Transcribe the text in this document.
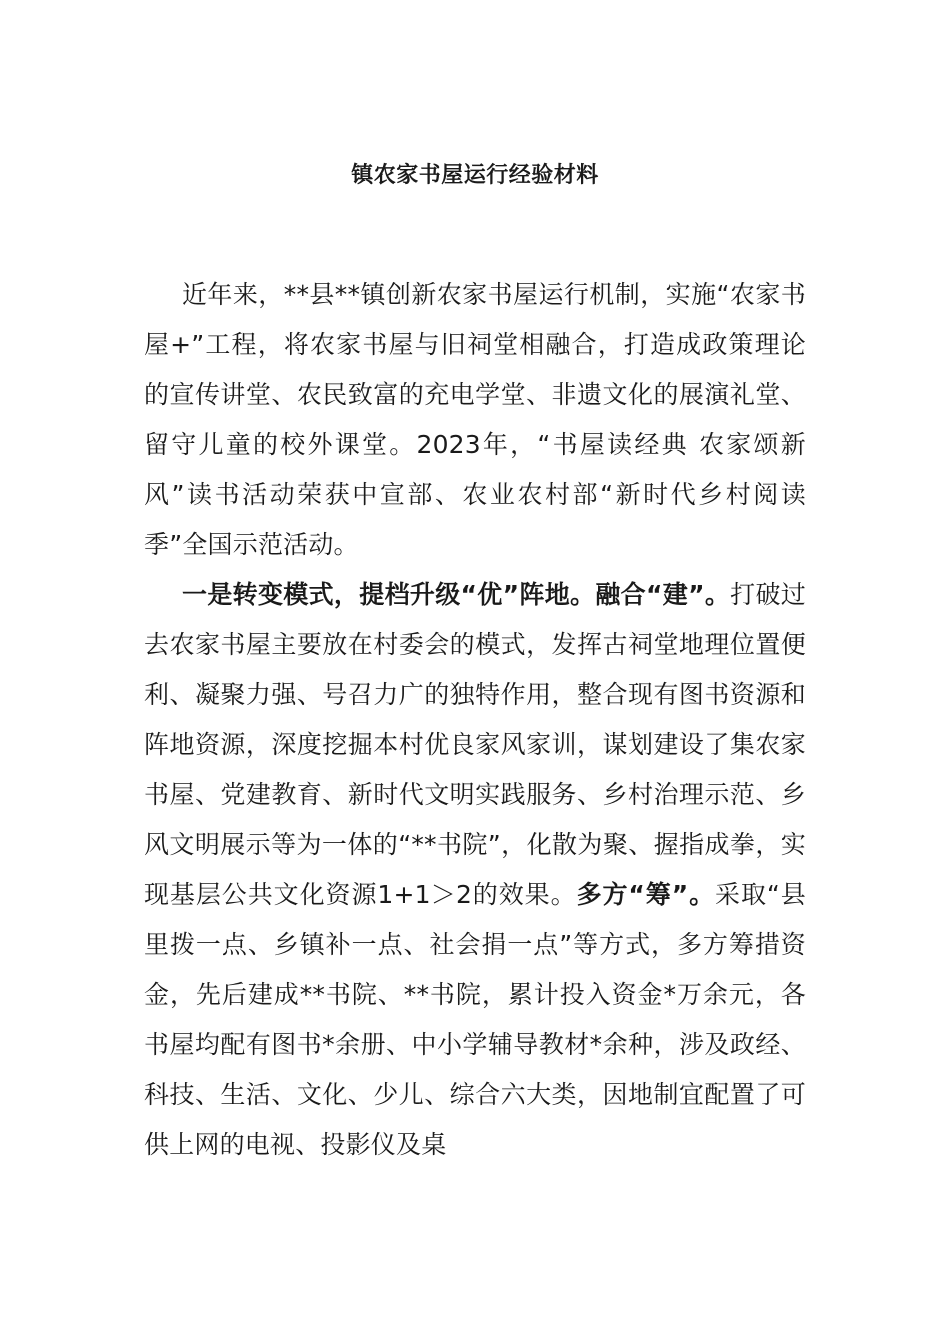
镇农家书屋运行经验材料

近年来，**县**镇创新农家书屋运行机制，实施“农家书屋+”工程，将农家书屋与旧祠堂相融合，打造成政策理论的宣传讲堂、农民致富的充电学堂、非遗文化的展演礼堂、留守儿童的校外课堂。2023年，“书屋读经典 农家颂新风”读书活动荣获中宣部、农业农村部“新时代乡村阅读季”全国示范活动。

一是转变模式，提档升级“优”阵地。融合“建”。打破过去农家书屋主要放在村委会的模式，发挥古祠堂地理位置便利、凝聚力强、号召力广的独特作用，整合现有图书资源和阵地资源，深度挖掘本村优良家风家训，谋划建设了集农家书屋、党建教育、新时代文明实践服务、乡村治理示范、乡风文明展示等为一体的“**书院”，化散为聚、握指成拳，实现基层公共文化资源1+1＞2的效果。多方“筹”。采取“县里拨一点、乡镇补一点、社会捐一点”等方式，多方筹措资金，先后建成**书院、**书院，累计投入资金*万余元，各书屋均配有图书*余册、中小学辅导教材*余种，涉及政经、科技、生活、文化、少儿、综合六大类，因地制宜配置了可供上网的电视、投影仪及桌
